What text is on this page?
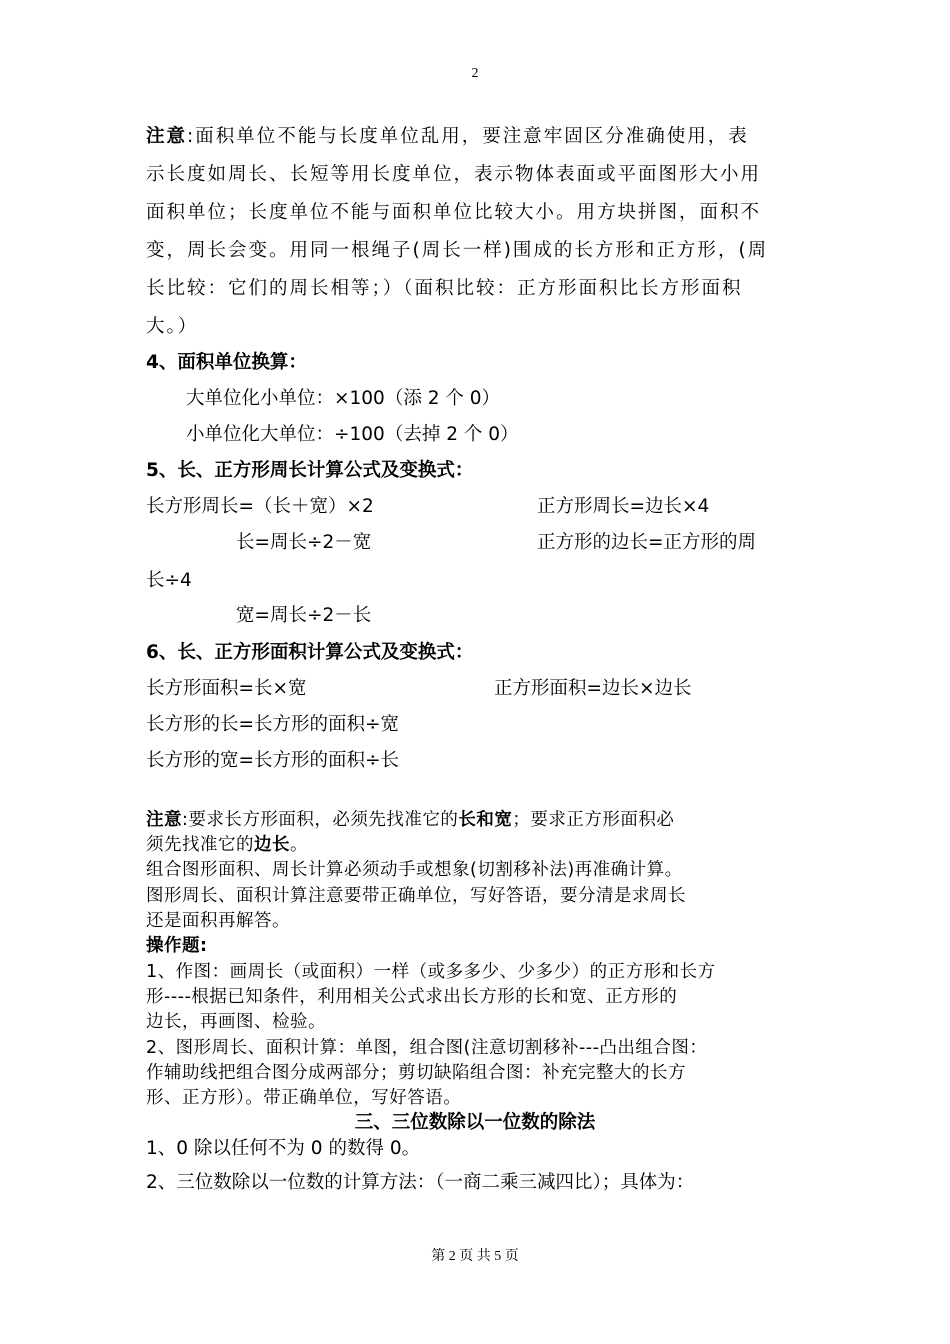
2
注意:面积单位不能与长度单位乱用，要注意牢固区分准确使用，表
示长度如周长、长短等用长度单位，表示物体表面或平面图形大小用
面积单位；长度单位不能与面积单位比较大小。用方块拼图，面积不
变，周长会变。用同一根绳子(周长一样)围成的长方形和正方形，(周
长比较：它们的周长相等；）（面积比较：正方形面积比长方形面积
大。）
4、面积单位换算：
大单位化小单位：×100（添 2 个 0）
小单位化大单位：÷100（去掉 2 个 0）
5、长、正方形周长计算公式及变换式：
长方形周长=（长＋宽）×2	正方形周长=边长×4
长=周长÷2－宽	正方形的边长=正方形的周
长÷4
宽=周长÷2－长
6、长、正方形面积计算公式及变换式：
长方形面积=长×宽	正方形面积=边长×边长
长方形的长=长方形的面积÷宽
长方形的宽=长方形的面积÷长
注意:要求长方形面积，必须先找准它的长和宽；要求正方形面积必
须先找准它的边长。
组合图形面积、周长计算必须动手或想象(切割移补法)再准确计算。
图形周长、面积计算注意要带正确单位，写好答语，要分清是求周长
还是面积再解答。
操作题:
1、作图：画周长（或面积）一样（或多多少、少多少）的正方形和长方
形----根据已知条件，利用相关公式求出长方形的长和宽、正方形的
边长，再画图、检验。
2、图形周长、面积计算：单图，组合图(注意切割移补---凸出组合图：
作辅助线把组合图分成两部分；剪切缺陷组合图：补充完整大的长方
形、正方形）。带正确单位，写好答语。
三、三位数除以一位数的除法
1、0 除以任何不为 0 的数得 0。
2、三位数除以一位数的计算方法：（一商二乘三减四比）；具体为：
第 2 页 共 5 页
